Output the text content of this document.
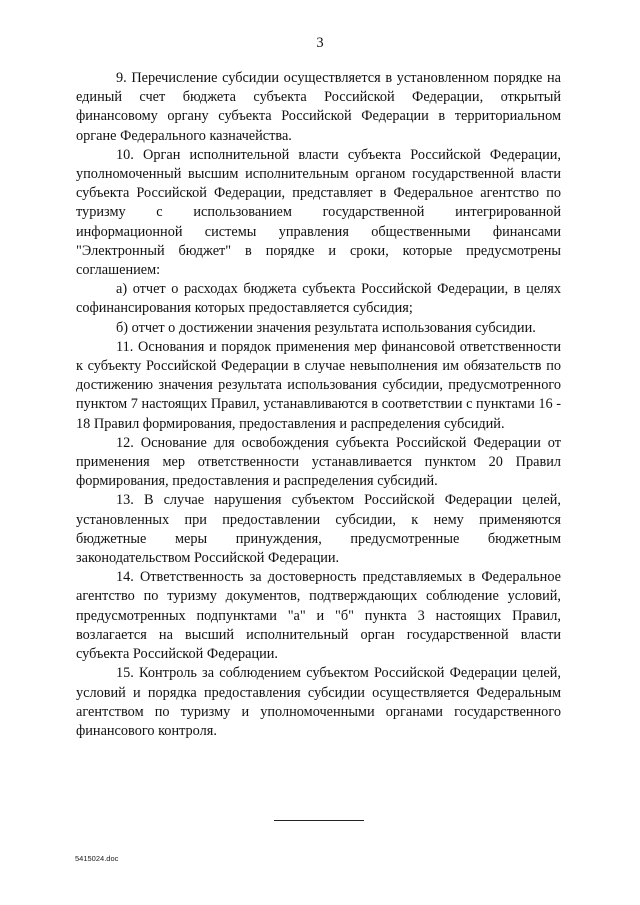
3

9. Перечисление субсидии осуществляется в установленном порядке на единый счет бюджета субъекта Российской Федерации, открытый финансовому органу субъекта Российской Федерации в территориальном органе Федерального казначейства.

10. Орган исполнительной власти субъекта Российской Федерации, уполномоченный высшим исполнительным органом государственной власти субъекта Российской Федерации, представляет в Федеральное агентство по туризму с использованием государственной интегрированной информационной системы управления общественными финансами "Электронный бюджет" в порядке и сроки, которые предусмотрены соглашением:

а) отчет о расходах бюджета субъекта Российской Федерации, в целях софинансирования которых предоставляется субсидия;

б) отчет о достижении значения результата использования субсидии.

11. Основания и порядок применения мер финансовой ответственности к субъекту Российской Федерации в случае невыполнения им обязательств по достижению значения результата использования субсидии, предусмотренного пунктом 7 настоящих Правил, устанавливаются в соответствии с пунктами 16 - 18 Правил формирования, предоставления и распределения субсидий.

12. Основание для освобождения субъекта Российской Федерации от применения мер ответственности устанавливается пунктом 20 Правил формирования, предоставления и распределения субсидий.

13. В случае нарушения субъектом Российской Федерации целей, установленных при предоставлении субсидии, к нему применяются бюджетные меры принуждения, предусмотренные бюджетным законодательством Российской Федерации.

14. Ответственность за достоверность представляемых в Федеральное агентство по туризму документов, подтверждающих соблюдение условий, предусмотренных подпунктами "а" и "б" пункта 3 настоящих Правил, возлагается на высший исполнительный орган государственной власти субъекта Российской Федерации.

15. Контроль за соблюдением субъектом Российской Федерации целей, условий и порядка предоставления субсидии осуществляется Федеральным агентством по туризму и уполномоченными органами государственного финансового контроля.

5415024.doc
